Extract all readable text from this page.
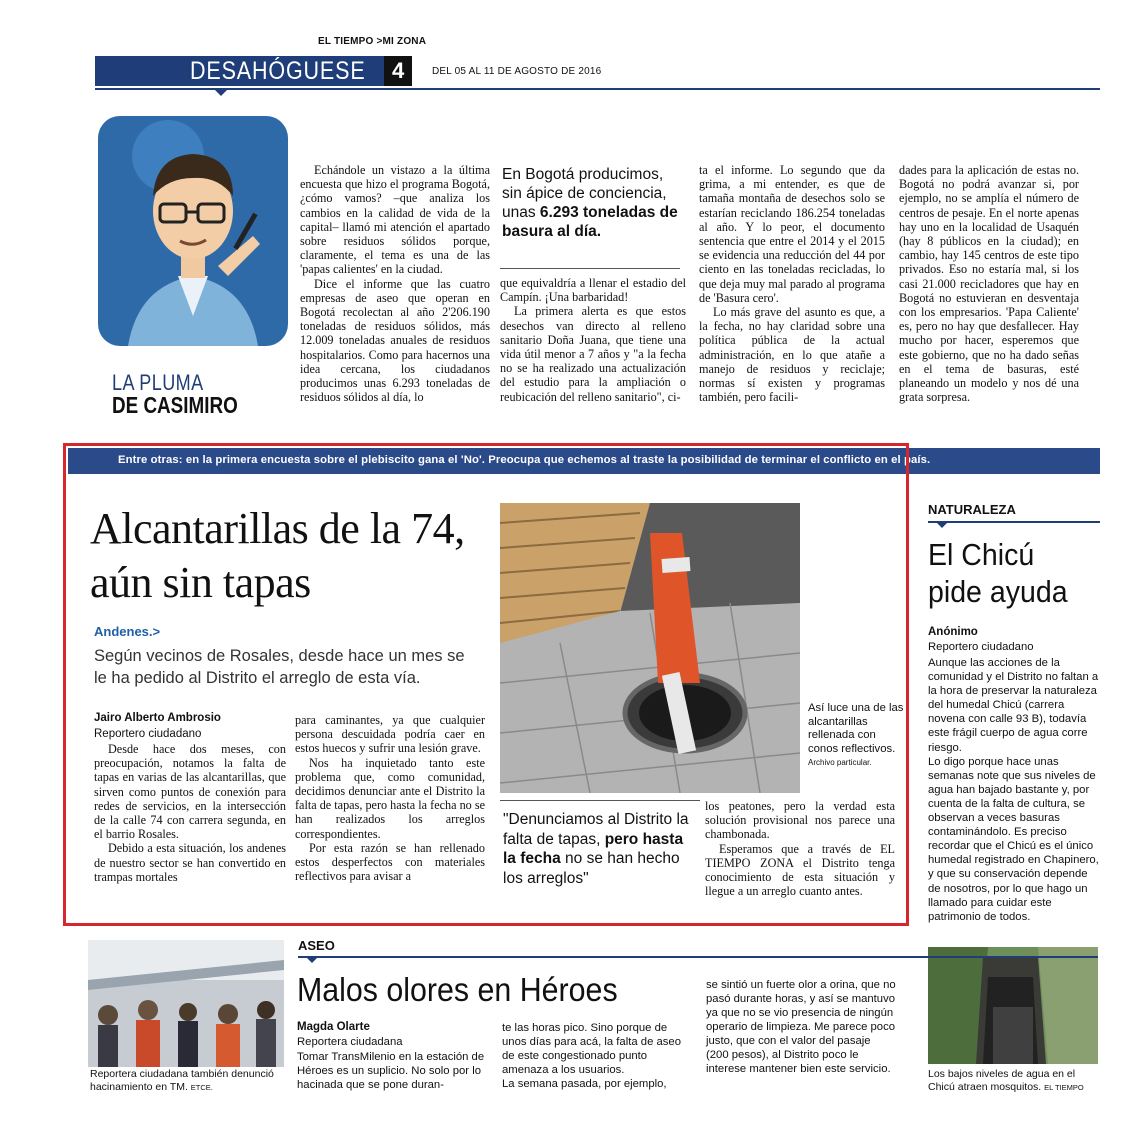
EL TIEMPO >MI ZONA
DESAHÓGUESE 4	DEL 05 AL 11 DE AGOSTO DE 2016
LA PLUMA
DE CASIMIRO

Echándole un vistazo a la última encuesta que hizo el programa Bogotá, ¿cómo vamos? –que analiza los cambios en la calidad de vida de la capital– llamó mi atención el apartado sobre residuos sólidos porque, claramente, el tema es una de las 'papas calientes' en la ciudad.

Dice el informe que las cuatro empresas de aseo que operan en Bogotá recolectan al año 2'206.190 toneladas de residuos sólidos, más 12.009 toneladas anuales de residuos hospitalarios. Como para hacernos una idea cercana, los ciudadanos producimos unas 6.293 toneladas de residuos sólidos al día, lo

En Bogotá producimos, sin ápice de conciencia, unas 6.293 toneladas de basura al día.

que equivaldría a llenar el estadio del Campín. ¡Una barbaridad!

La primera alerta es que estos desechos van directo al relleno sanitario Doña Juana, que tiene una vida útil menor a 7 años y "a la fecha no se ha realizado una actualización del estudio para la ampliación o reubicación del relleno sanitario", ci-

ta el informe. Lo segundo que da grima, a mi entender, es que de tamaña montaña de desechos solo se estarían reciclando 186.254 toneladas al año. Y lo peor, el documento sentencia que entre el 2014 y el 2015 se evidencia una reducción del 44 por ciento en las toneladas recicladas, lo que deja muy mal parado al programa de 'Basura cero'.

Lo más grave del asunto es que, a la fecha, no hay claridad sobre una política pública de la actual administración, en lo que atañe a manejo de residuos y reciclaje; normas sí existen y programas también, pero facili-

dades para la aplicación de estas no. Bogotá no podrá avanzar si, por ejemplo, no se amplía el número de centros de pesaje. En el norte apenas hay uno en la localidad de Usaquén (hay 8 públicos en la ciudad); en cambio, hay 145 centros de este tipo privados. Eso no estaría mal, si los casi 21.000 recicladores que hay en Bogotá no estuvieran en desventaja con los empresarios. 'Papa Caliente' es, pero no hay que desfallecer. Hay mucho por hacer, esperemos que este gobierno, que no ha dado señas en el tema de basuras, esté planeando un modelo y nos dé una grata sorpresa.

Entre otras: en la primera encuesta sobre el plebiscito gana el 'No'. Preocupa que echemos al traste la posibilidad de terminar el conflicto en el país.
Alcantarillas de la 74, aún sin tapas
Andenes.>
Según vecinos de Rosales, desde hace un mes se le ha pedido al Distrito el arreglo de esta vía.
Jairo Alberto Ambrosio
Reportero ciudadano

Desde hace dos meses, con preocupación, notamos la falta de tapas en varias de las alcantarillas, que sirven como puntos de conexión para redes de servicios, en la intersección de la calle 74 con carrera segunda, en el barrio Rosales.

Debido a esta situación, los andenes de nuestro sector se han convertido en trampas mortales

para caminantes, ya que cualquier persona descuidada podría caer en estos huecos y sufrir una lesión grave.

Nos ha inquietado tanto este problema que, como comunidad, decidimos denunciar ante el Distrito la falta de tapas, pero hasta la fecha no se han realizados los arreglos correspondientes.

Por esta razón se han rellenado estos desperfectos con materiales reflectivos para avisar a

Así luce una de las alcantarillas rellenada con conos reflectivos. Archivo particular.
"Denunciamos al Distrito la falta de tapas, pero hasta la fecha no se han hecho los arreglos"

los peatones, pero la verdad esta solución provisional nos parece una chambonada.

Esperamos que a través de EL TIEMPO ZONA el Distrito tenga conocimiento de esta situación y llegue a un arreglo cuanto antes.

NATURALEZA
El Chicú pide ayuda
Anónimo
Reportero ciudadano
Aunque las acciones de la comunidad y el Distrito no faltan a la hora de preservar la naturaleza del humedal Chicú (carrera novena con calle 93 B), todavía este frágil cuerpo de agua corre riesgo.
Lo digo porque hace unas semanas note que sus niveles de agua han bajado bastante y, por cuenta de la falta de cultura, se observan a veces basuras contaminándolo. Es preciso recordar que el Chicú es el único humedal registrado en Chapinero, y que su conservación depende de nosotros, por lo que hago un llamado para cuidar este patrimonio de todos.
Los bajos niveles de agua en el Chicú atraen mosquitos. EL TIEMPO
Reportera ciudadana también denunció hacinamiento en TM. ETCE.
ASEO
Malos olores en Héroes
Magda Olarte
Reportera ciudadana
Tomar TransMilenio en la estación de Héroes es un suplicio. No solo por lo hacinada que se pone duran-
te las horas pico. Sino porque de unos días para acá, la falta de aseo de este congestionado punto amenaza a los usuarios.
La semana pasada, por ejemplo,
se sintió un fuerte olor a orina, que no pasó durante horas, y así se mantuvo ya que no se vio presencia de ningún operario de limpieza. Me parece poco justo, que con el valor del pasaje (200 pesos), al Distrito poco le interese mantener bien este servicio.
